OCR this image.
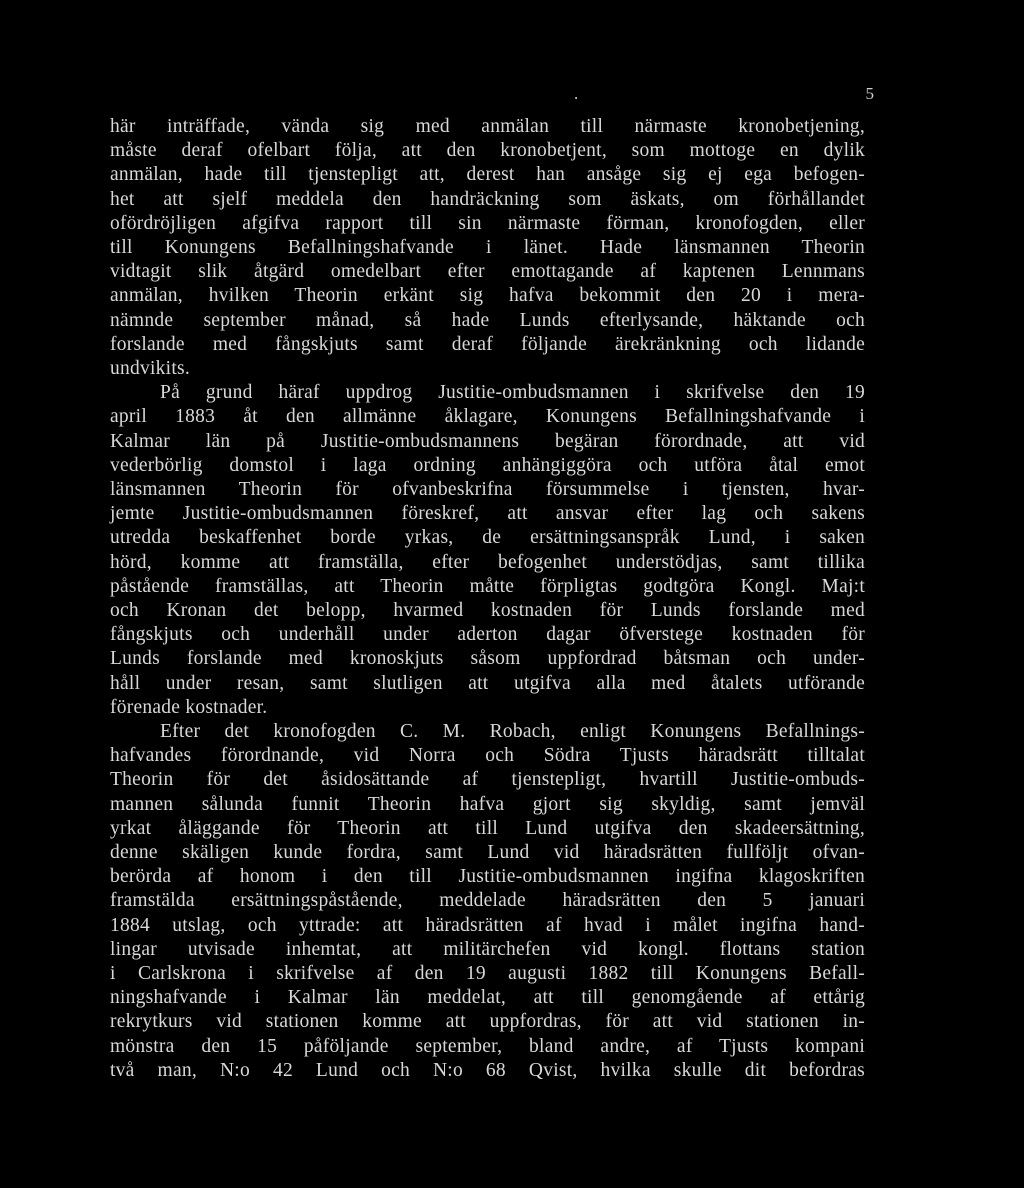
.	5
här inträffade, vända sig med anmälan till närmaste kronobetjening,
måste deraf ofelbart följa, att den kronobetjent, som mottoge en dylik
anmälan, hade till tjenstepligt att, derest han ansåge sig ej ega befogen-
het att sjelf meddela den handräckning som äskats, om förhållandet
ofördröjligen afgifva rapport till sin närmaste förman, kronofogden, eller
till Konungens Befallningshafvande i länet. Hade länsmannen Theorin
vidtagit slik åtgärd omedelbart efter emottagande af kaptenen Lennmans
anmälan, hvilken Theorin erkänt sig hafva bekommit den 20 i mera-
nämnde september månad, så hade Lunds efterlysande, häktande och
forslande med fångskjuts samt deraf följande ärekränkning och lidande
undvikits.
På grund häraf uppdrog Justitie-ombudsmannen i skrifvelse den 19
april 1883 åt den allmänne åklagare, Konungens Befallningshafvande i
Kalmar län på Justitie-ombudsmannens begäran förordnade, att vid
vederbörlig domstol i laga ordning anhängiggöra och utföra åtal emot
länsmannen Theorin för ofvanbeskrifna försummelse i tjensten, hvar-
jemte Justitie-ombudsmannen föreskref, att ansvar efter lag och sakens
utredda beskaffenhet borde yrkas, de ersättningsanspråk Lund, i saken
hörd, komme att framställa, efter befogenhet understödjas, samt tillika
påstående framställas, att Theorin måtte förpligtas godtgöra Kongl. Maj:t
och Kronan det belopp, hvarmed kostnaden för Lunds forslande med
fångskjuts och underhåll under aderton dagar öfverstege kostnaden för
Lunds forslande med kronoskjuts såsom uppfordrad båtsman och under-
håll under resan, samt slutligen att utgifva alla med åtalets utförande
förenade kostnader.
Efter det kronofogden C. M. Robach, enligt Konungens Befallnings-
hafvandes förordnande, vid Norra och Södra Tjusts häradsrätt tilltalat
Theorin för det åsidosättande af tjenstepligt, hvartill Justitie-ombuds-
mannen sålunda funnit Theorin hafva gjort sig skyldig, samt jemväl
yrkat åläggande för Theorin att till Lund utgifva den skadeersättning,
denne skäligen kunde fordra, samt Lund vid häradsrätten fullföljt ofvan-
berörda af honom i den till Justitie-ombudsmannen ingifna klagoskriften
framstälda ersättningspåstående, meddelade häradsrätten den 5 januari
1884 utslag, och yttrade: att häradsrätten af hvad i målet ingifna hand-
lingar utvisade inhemtat, att militärchefen vid kongl. flottans station
i Carlskrona i skrifvelse af den 19 augusti 1882 till Konungens Befall-
ningshafvande i Kalmar län meddelat, att till genomgående af ettårig
rekrytkurs vid stationen komme att uppfordras, för att vid stationen in-
mönstra den 15 påföljande september, bland andre, af Tjusts kompani
två man, N:o 42 Lund och N:o 68 Qvist, hvilka skulle dit befordras
